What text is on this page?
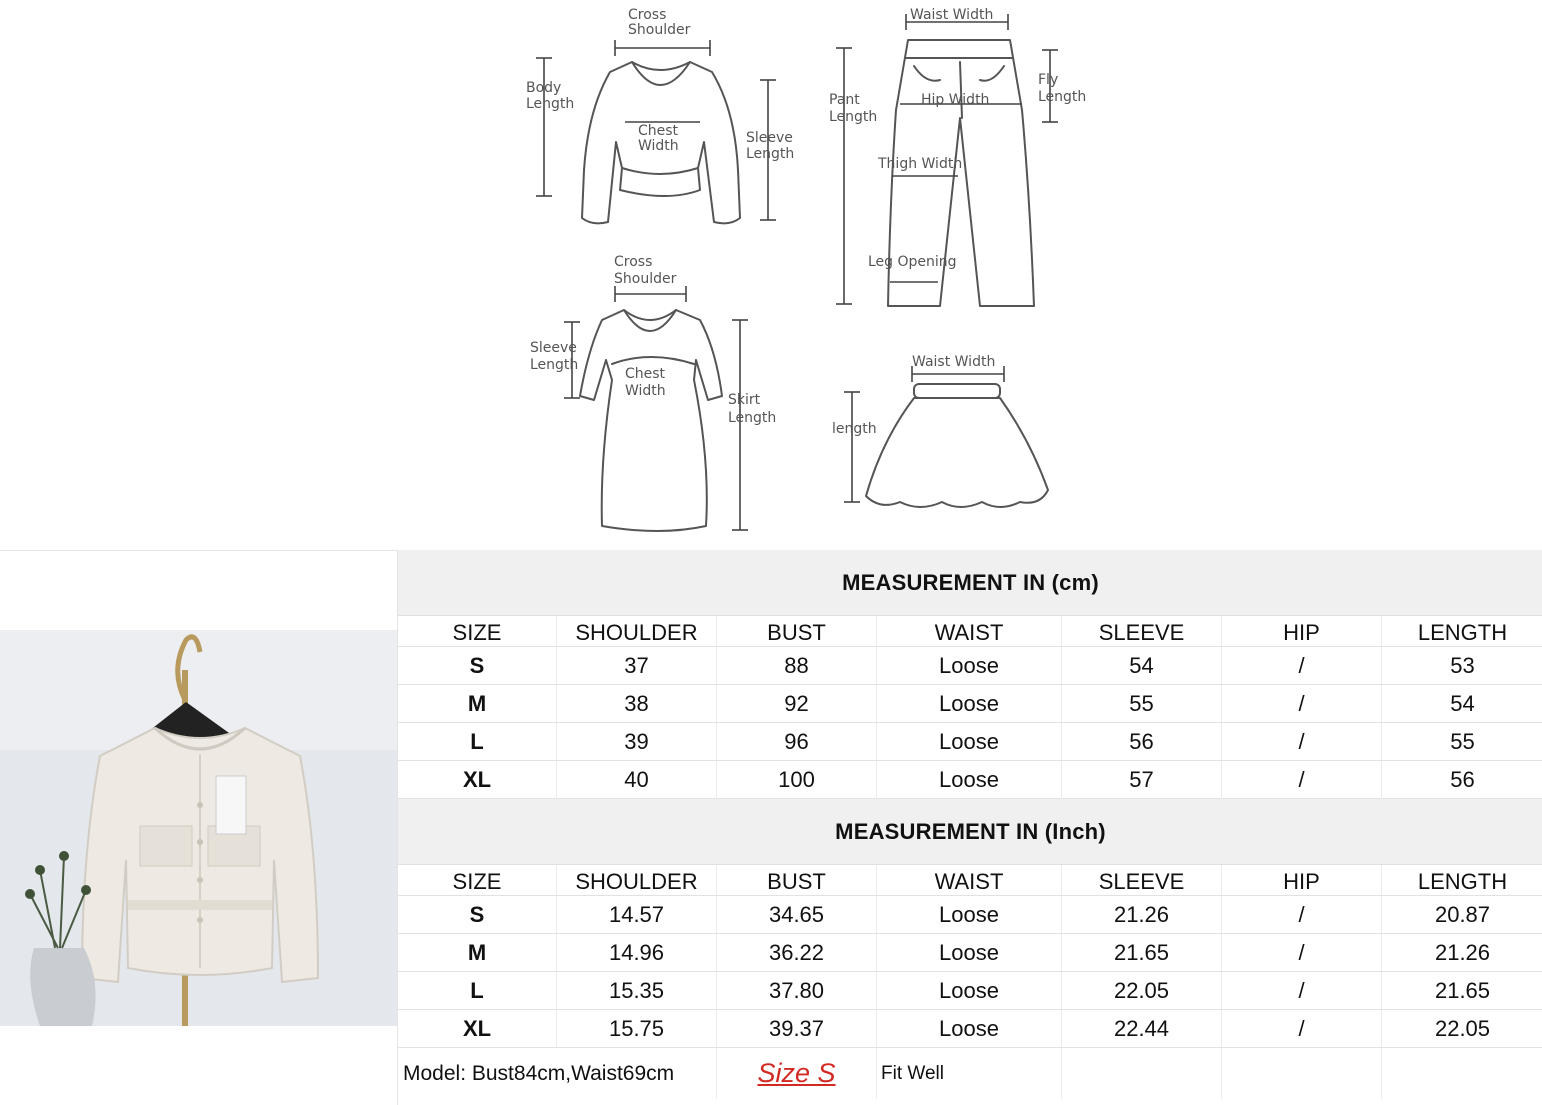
Cross
Shoulder
Body
Length
Chest
Width	Sleeve
Length
Waist Width
Pant
Length
Hip Width
Fly
Length
Thigh Width
Leg Opening
Cross
Shoulder
Sleeve
Length
Chest
Width
Skirt
Length
Waist Width
length
MEASUREMENT IN (cm)
SIZE	SHOULDER	BUST	WAIST	SLEEVE	HIP	LENGTH
S	37	88	Loose	54	/	53
M	38	92	Loose	55	/	54
L	39	96	Loose	56	/	55
XL	40	100	Loose	57	/	56
MEASUREMENT IN (Inch)
SIZE	SHOULDER	BUST	WAIST	SLEEVE	HIP	LENGTH
S	14.57	34.65	Loose	21.26	/	20.87
M	14.96	36.22	Loose	21.65	/	21.26
L	15.35	37.80	Loose	22.05	/	21.65
XL	15.75	39.37	Loose	22.44	/	22.05
Model: Bust84cm,Waist69cm	Size S	Fit Well
